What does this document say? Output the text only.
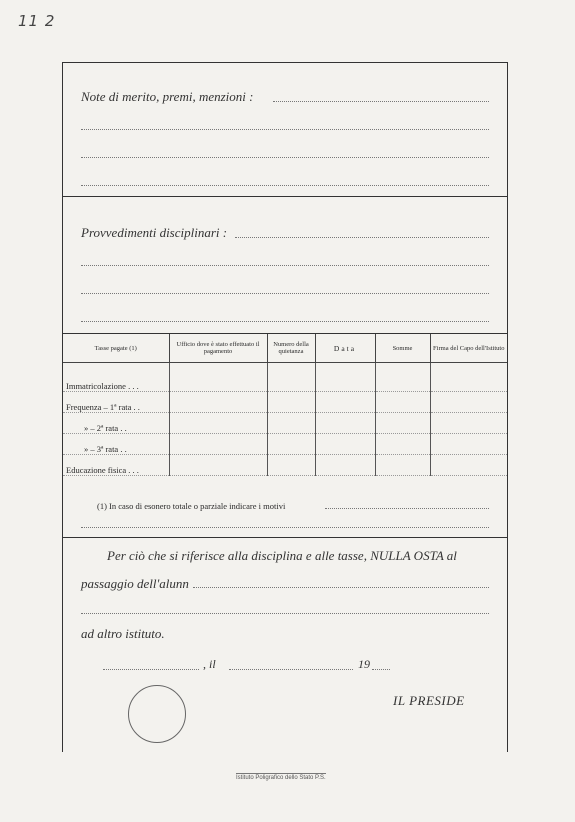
11 2
Note di merito, premi, menzioni :
Provvedimenti disciplinari :
Tasse pagate (1)	Ufficio dove è stato effettuato il pagamento	Numero della quietanza	Data	Somme	Firma del Capo dell'Istituto

Immatricolazione . . .					
Frequenza – 1ª rata . .					
» – 2ª rata . .					
» – 3ª rata . .					
Educazione fisica . . .					
(1) In caso di esonero totale o parziale indicare i motivi
Per ciò che si riferisce alla disciplina e alle tasse, NULLA OSTA al
passaggio dell'alunn
ad altro istituto.
, il	19
IL PRESIDE
Istituto Poligrafico dello Stato P.S.
